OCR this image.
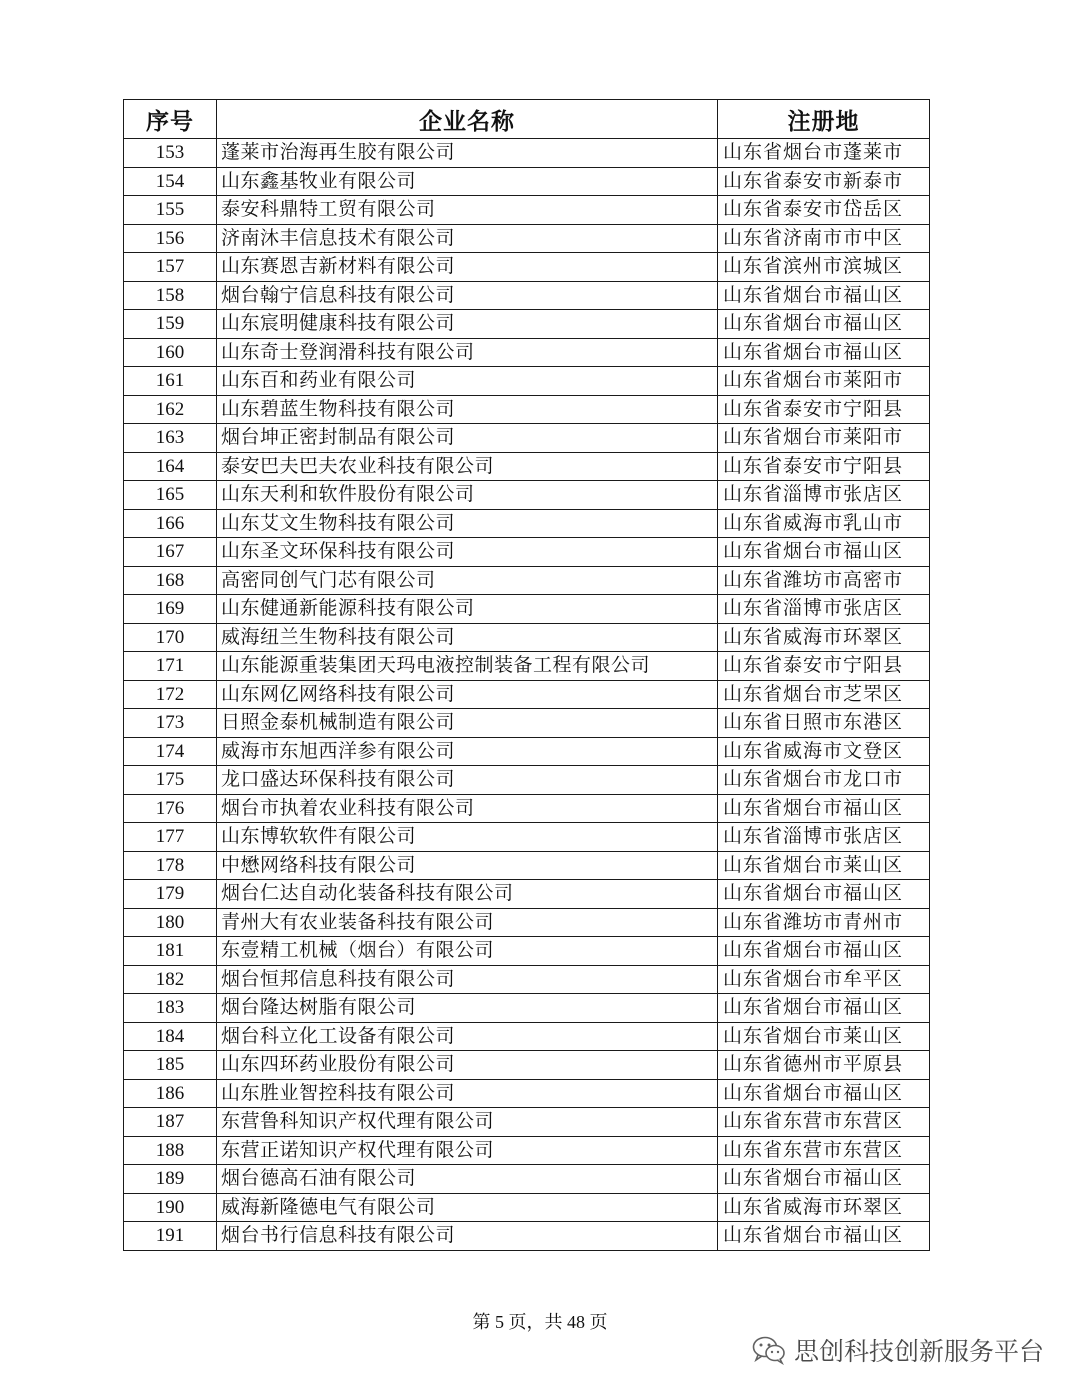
序号	企业名称	注册地
153	蓬莱市治海再生胶有限公司	山东省烟台市蓬莱市
154	山东鑫基牧业有限公司	山东省泰安市新泰市
155	泰安科鼎特工贸有限公司	山东省泰安市岱岳区
156	济南沐丰信息技术有限公司	山东省济南市市中区
157	山东赛恩吉新材料有限公司	山东省滨州市滨城区
158	烟台翰宁信息科技有限公司	山东省烟台市福山区
159	山东宸明健康科技有限公司	山东省烟台市福山区
160	山东奇士登润滑科技有限公司	山东省烟台市福山区
161	山东百和药业有限公司	山东省烟台市莱阳市
162	山东碧蓝生物科技有限公司	山东省泰安市宁阳县
163	烟台坤正密封制品有限公司	山东省烟台市莱阳市
164	泰安巴夫巴夫农业科技有限公司	山东省泰安市宁阳县
165	山东天利和软件股份有限公司	山东省淄博市张店区
166	山东艾文生物科技有限公司	山东省威海市乳山市
167	山东圣文环保科技有限公司	山东省烟台市福山区
168	高密同创气门芯有限公司	山东省潍坊市高密市
169	山东健通新能源科技有限公司	山东省淄博市张店区
170	威海纽兰生物科技有限公司	山东省威海市环翠区
171	山东能源重装集团天玛电液控制装备工程有限公司	山东省泰安市宁阳县
172	山东网亿网络科技有限公司	山东省烟台市芝罘区
173	日照金泰机械制造有限公司	山东省日照市东港区
174	威海市东旭西洋参有限公司	山东省威海市文登区
175	龙口盛达环保科技有限公司	山东省烟台市龙口市
176	烟台市执着农业科技有限公司	山东省烟台市福山区
177	山东博软软件有限公司	山东省淄博市张店区
178	中懋网络科技有限公司	山东省烟台市莱山区
179	烟台仁达自动化装备科技有限公司	山东省烟台市福山区
180	青州大有农业装备科技有限公司	山东省潍坊市青州市
181	东壹精工机械（烟台）有限公司	山东省烟台市福山区
182	烟台恒邦信息科技有限公司	山东省烟台市牟平区
183	烟台隆达树脂有限公司	山东省烟台市福山区
184	烟台科立化工设备有限公司	山东省烟台市莱山区
185	山东四环药业股份有限公司	山东省德州市平原县
186	山东胜业智控科技有限公司	山东省烟台市福山区
187	东营鲁科知识产权代理有限公司	山东省东营市东营区
188	东营正诺知识产权代理有限公司	山东省东营市东营区
189	烟台德高石油有限公司	山东省烟台市福山区
190	威海新隆德电气有限公司	山东省威海市环翠区
191	烟台书行信息科技有限公司	山东省烟台市福山区
第 5 页，共 48 页
思创科技创新服务平台
